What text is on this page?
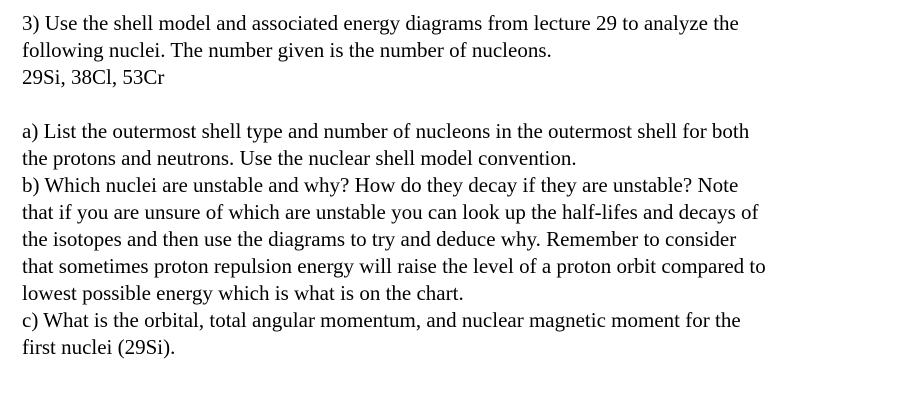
3) Use the shell model and associated energy diagrams from lecture 29 to analyze the
following nuclei. The number given is the number of nucleons.
29Si, 38Cl, 53Cr
a) List the outermost shell type and number of nucleons in the outermost shell for both
the protons and neutrons. Use the nuclear shell model convention.
b) Which nuclei are unstable and why? How do they decay if they are unstable? Note
that if you are unsure of which are unstable you can look up the half-lifes and decays of
the isotopes and then use the diagrams to try and deduce why. Remember to consider
that sometimes proton repulsion energy will raise the level of a proton orbit compared to
lowest possible energy which is what is on the chart.
c) What is the orbital, total angular momentum, and nuclear magnetic moment for the
first nuclei (29Si).
